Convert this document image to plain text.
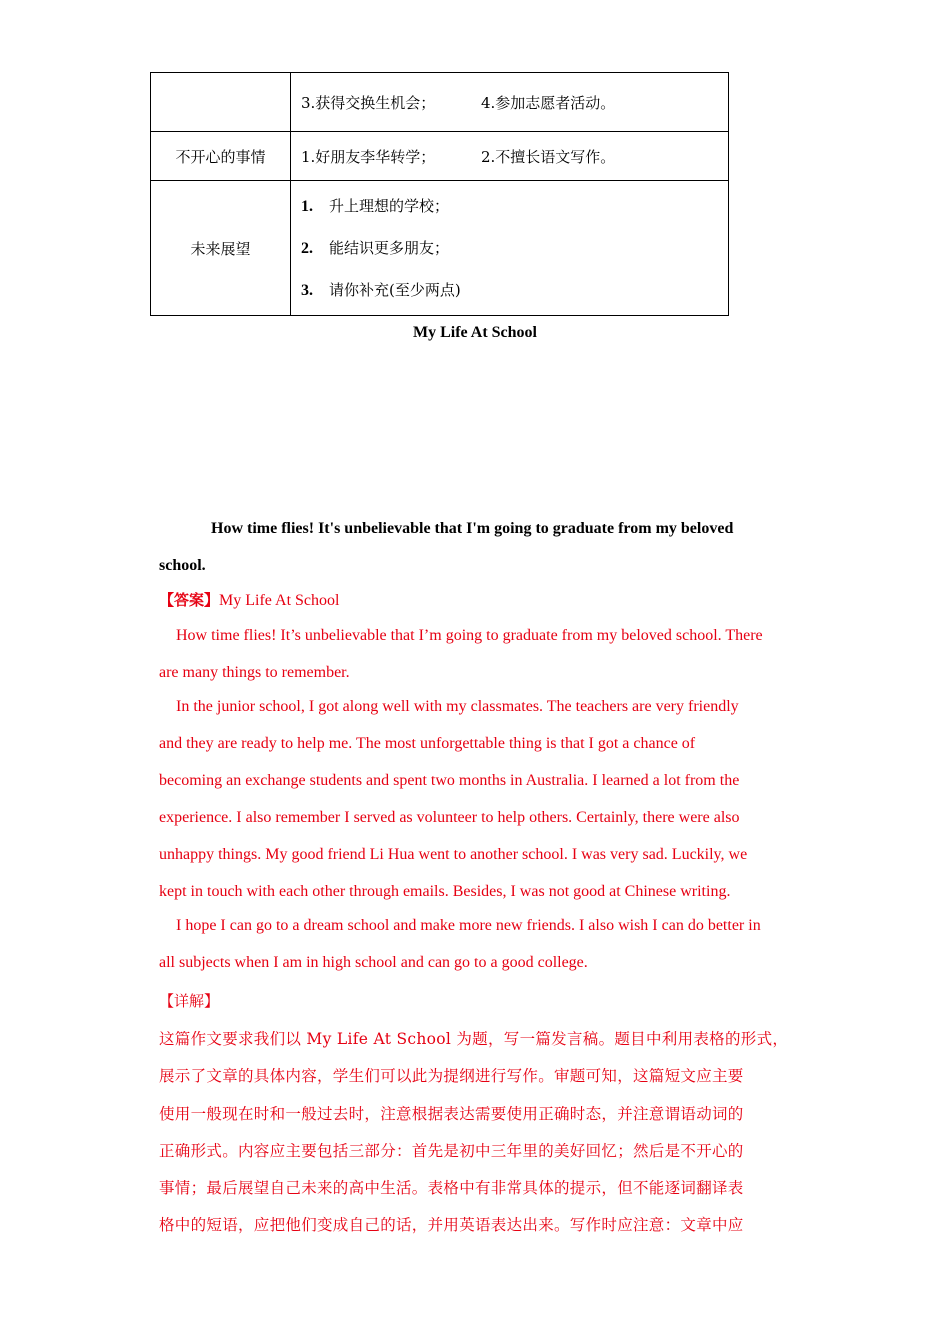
	3.获得交换生机会； 4.参加志愿者活动。

不开心的事情	1.好朋友李华转学； 2.不擅长语文写作。

未来展望	1. 升上理想的学校；
2. 能结识更多朋友；
3. 请你补充(至少两点)
My Life At School
How time flies! It's unbelievable that I'm going to graduate from my beloved
school.
【答案】My Life At School
How time flies! It’s unbelievable that I’m going to graduate from my beloved school. There
are many things to remember.
In the junior school, I got along well with my classmates. The teachers are very friendly
and they are ready to help me. The most unforgettable thing is that I got a chance of
becoming an exchange students and spent two months in Australia. I learned a lot from the
experience. I also remember I served as volunteer to help others. Certainly, there were also
unhappy things. My good friend Li Hua went to another school. I was very sad. Luckily, we
kept in touch with each other through emails. Besides, I was not good at Chinese writing.
I hope I can go to a dream school and make more new friends. I also wish I can do better in
all subjects when I am in high school and can go to a good college.
【详解】
这篇作文要求我们以 My Life At School 为题，写一篇发言稿。题目中利用表格的形式，
展示了文章的具体内容，学生们可以此为提纲进行写作。审题可知，这篇短文应主要
使用一般现在时和一般过去时，注意根据表达需要使用正确时态，并注意谓语动词的
正确形式。内容应主要包括三部分：首先是初中三年里的美好回忆；然后是不开心的
事情；最后展望自己未来的高中生活。表格中有非常具体的提示，但不能逐词翻译表
格中的短语，应把他们变成自己的话，并用英语表达出来。写作时应注意：文章中应
